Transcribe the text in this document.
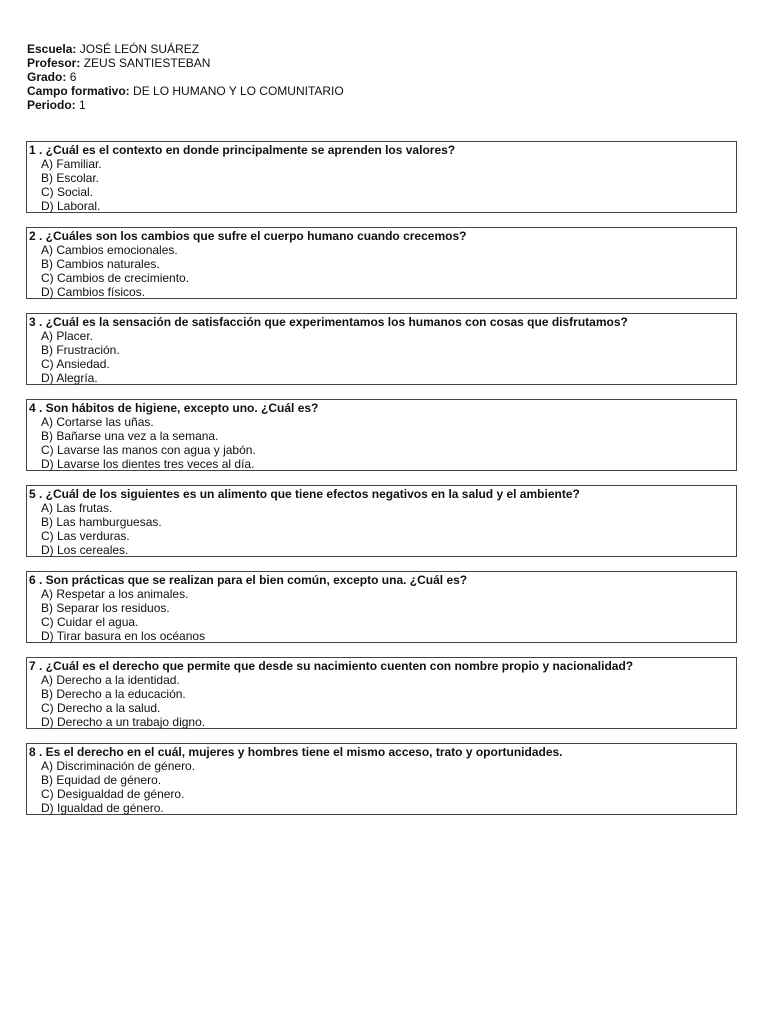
Escuela: JOSÉ LEÓN SUÁREZ
Profesor: ZEUS SANTIESTEBAN
Grado: 6
Campo formativo: DE LO HUMANO Y LO COMUNITARIO
Periodo: 1
1 . ¿Cuál es el contexto en donde principalmente se aprenden los valores?
A) Familiar.
B) Escolar.
C) Social.
D) Laboral.
2 . ¿Cuáles son los cambios que sufre el cuerpo humano cuando crecemos?
A) Cambios emocionales.
B) Cambios naturales.
C) Cambios de crecimiento.
D) Cambios físicos.
3 . ¿Cuál es la sensación de satisfacción que experimentamos los humanos con cosas que disfrutamos?
A) Placer.
B) Frustración.
C) Ansiedad.
D) Alegría.
4 . Son hábitos de higiene, excepto uno. ¿Cuál es?
A) Cortarse las uñas.
B) Bañarse una vez a la semana.
C) Lavarse las manos con agua y jabón.
D) Lavarse los dientes tres veces al día.
5 . ¿Cuál de los siguientes es un alimento que tiene efectos negativos en la salud y el ambiente?
A) Las frutas.
B) Las hamburguesas.
C) Las verduras.
D) Los cereales.
6 . Son prácticas que se realizan para el bien común, excepto una. ¿Cuál es?
A) Respetar a los animales.
B) Separar los residuos.
C) Cuidar el agua.
D) Tirar basura en los océanos
7 . ¿Cuál es el derecho que permite que desde su nacimiento cuenten con nombre propio y nacionalidad?
A) Derecho a la identidad.
B) Derecho a la educación.
C) Derecho a la salud.
D) Derecho a un trabajo digno.
8 . Es el derecho en el cuál, mujeres y hombres tiene el mismo acceso, trato y oportunidades.
A) Discriminación de género.
B) Equidad de género.
C) Desigualdad de género.
D) Igualdad de género.
